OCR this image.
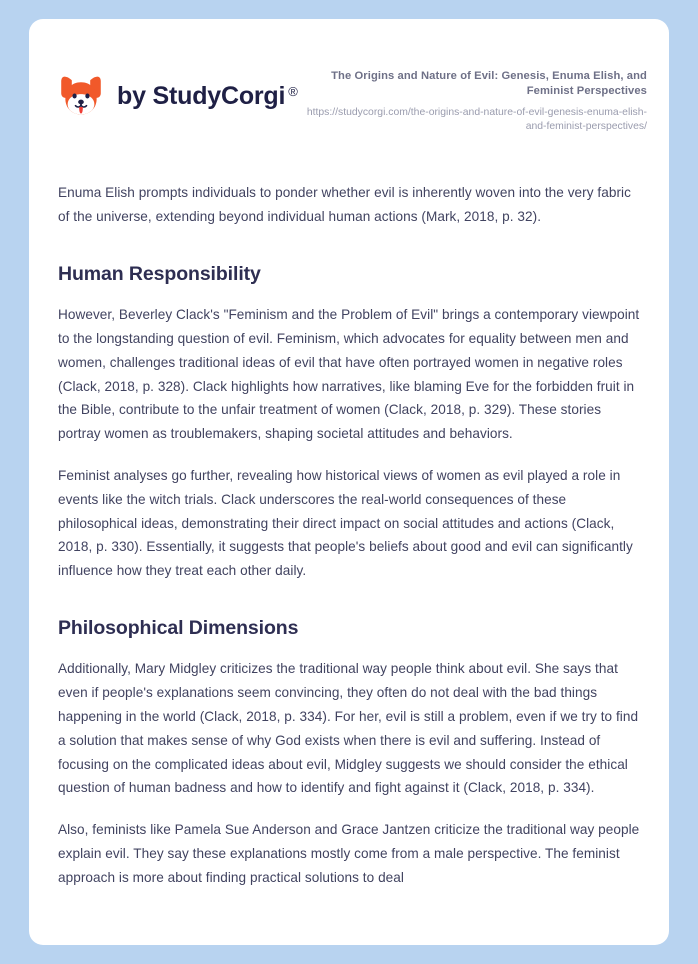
by StudyCorgi ®

The Origins and Nature of Evil: Genesis, Enuma Elish, and Feminist Perspectives

https://studycorgi.com/the-origins-and-nature-of-evil-genesis-enuma-elish-and-feminist-perspectives/

Enuma Elish prompts individuals to ponder whether evil is inherently woven into the very fabric of the universe, extending beyond individual human actions (Mark, 2018, p. 32).

Human Responsibility

However, Beverley Clack's "Feminism and the Problem of Evil" brings a contemporary viewpoint to the longstanding question of evil. Feminism, which advocates for equality between men and women, challenges traditional ideas of evil that have often portrayed women in negative roles (Clack, 2018, p. 328). Clack highlights how narratives, like blaming Eve for the forbidden fruit in the Bible, contribute to the unfair treatment of women (Clack, 2018, p. 329). These stories portray women as troublemakers, shaping societal attitudes and behaviors.

Feminist analyses go further, revealing how historical views of women as evil played a role in events like the witch trials. Clack underscores the real-world consequences of these philosophical ideas, demonstrating their direct impact on social attitudes and actions (Clack, 2018, p. 330). Essentially, it suggests that people's beliefs about good and evil can significantly influence how they treat each other daily.

Philosophical Dimensions

Additionally, Mary Midgley criticizes the traditional way people think about evil. She says that even if people's explanations seem convincing, they often do not deal with the bad things happening in the world (Clack, 2018, p. 334). For her, evil is still a problem, even if we try to find a solution that makes sense of why God exists when there is evil and suffering. Instead of focusing on the complicated ideas about evil, Midgley suggests we should consider the ethical question of human badness and how to identify and fight against it (Clack, 2018, p. 334).

Also, feminists like Pamela Sue Anderson and Grace Jantzen criticize the traditional way people explain evil. They say these explanations mostly come from a male perspective. The feminist approach is more about finding practical solutions to deal
